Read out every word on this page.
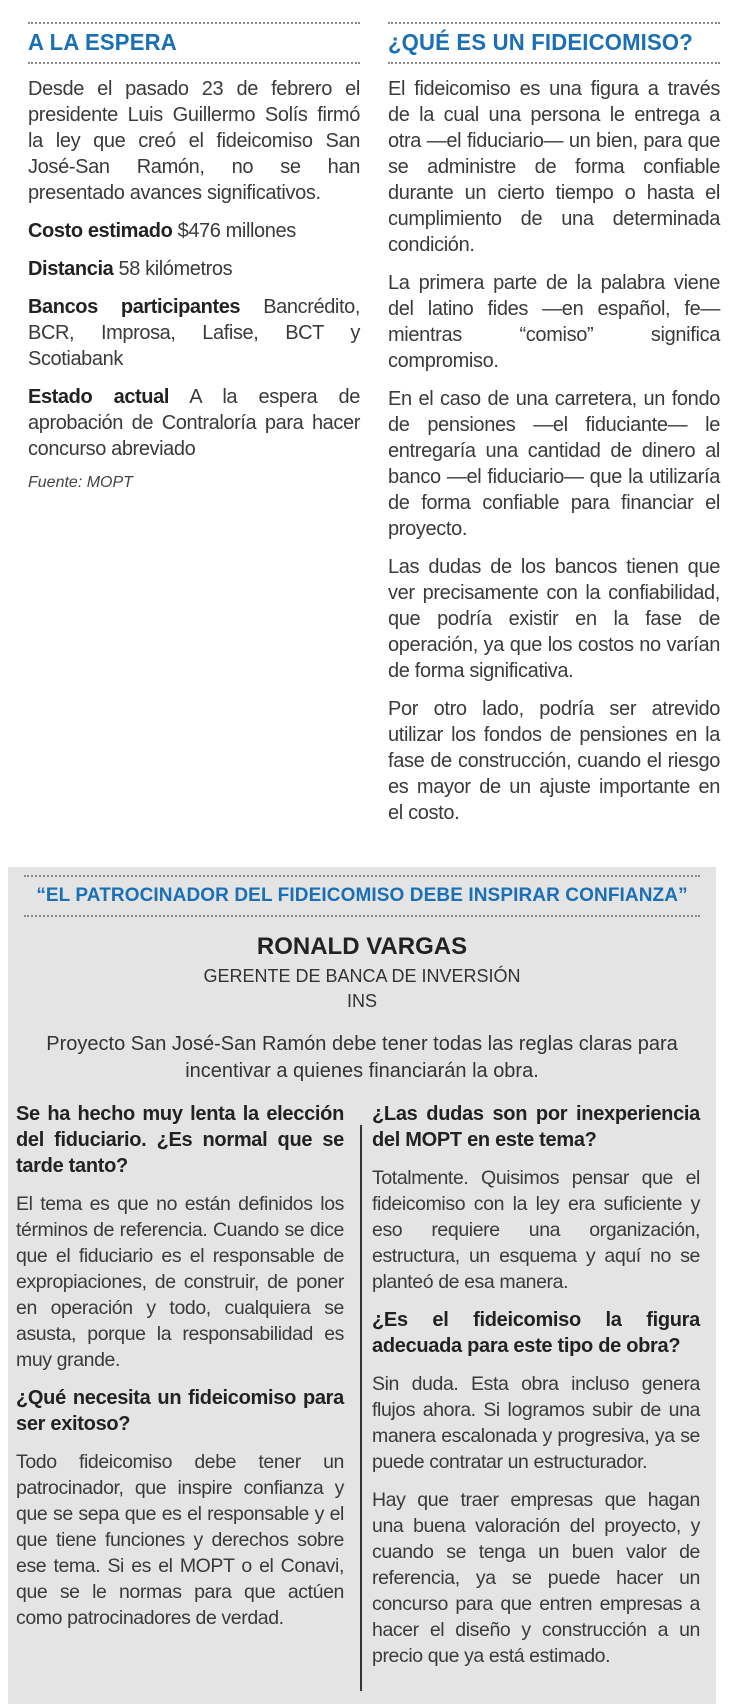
A LA ESPERA

Desde el pasado 23 de febrero el presidente Luis Guillermo Solís firmó la ley que creó el fideicomiso San José-San Ramón, no se han presentado avances significativos.

Costo estimado $476 millones

Distancia 58 kilómetros

Bancos participantes Bancrédito, BCR, Improsa, Lafise, BCT y Scotiabank

Estado actual A la espera de aprobación de Contraloría para hacer concurso abreviado

Fuente: MOPT
¿QUÉ ES UN FIDEICOMISO?

El fideicomiso es una figura a través de la cual una persona le entrega a otra —el fiduciario— un bien, para que se administre de forma confiable durante un cierto tiempo o hasta el cumplimiento de una determinada condición.

La primera parte de la palabra viene del latino fides —en español, fe— mientras “comiso” significa compromiso.

En el caso de una carretera, un fondo de pensiones —el fiduciante— le entregaría una cantidad de dinero al banco —el fiduciario— que la utilizaría de forma confiable para financiar el proyecto.

Las dudas de los bancos tienen que ver precisamente con la confiabilidad, que podría existir en la fase de operación, ya que los costos no varían de forma significativa.

Por otro lado, podría ser atrevido utilizar los fondos de pensiones en la fase de construcción, cuando el riesgo es mayor de un ajuste importante en el costo.

“EL PATROCINADOR DEL FIDEICOMISO DEBE INSPIRAR CONFIANZA”
RONALD VARGAS
GERENTE DE BANCA DE INVERSIÓN
INS
Proyecto San José-San Ramón debe tener todas las reglas claras para incentivar a quienes financiarán la obra.

Se ha hecho muy lenta la elección del fiduciario. ¿Es normal que se tarde tanto?

El tema es que no están definidos los términos de referencia. Cuando se dice que el fiduciario es el responsable de expropiaciones, de construir, de poner en operación y todo, cualquiera se asusta, porque la responsabilidad es muy grande.

¿Qué necesita un fideicomiso para ser exitoso?

Todo fideicomiso debe tener un patrocinador, que inspire confianza y que se sepa que es el responsable y el que tiene funciones y derechos sobre ese tema. Si es el MOPT o el Conavi, que se le normas para que actúen como patrocinadores de verdad.

¿Las dudas son por inexperiencia del MOPT en este tema?

Totalmente. Quisimos pensar que el fideicomiso con la ley era suficiente y eso requiere una organización, estructura, un esquema y aquí no se planteó de esa manera.

¿Es el fideicomiso la figura adecuada para este tipo de obra?

Sin duda. Esta obra incluso genera flujos ahora. Si logramos subir de una manera escalonada y progresiva, ya se puede contratar un estructurador.

Hay que traer empresas que hagan una buena valoración del proyecto, y cuando se tenga un buen valor de referencia, ya se puede hacer un concurso para que entren empresas a hacer el diseño y construcción a un precio que ya está estimado.
